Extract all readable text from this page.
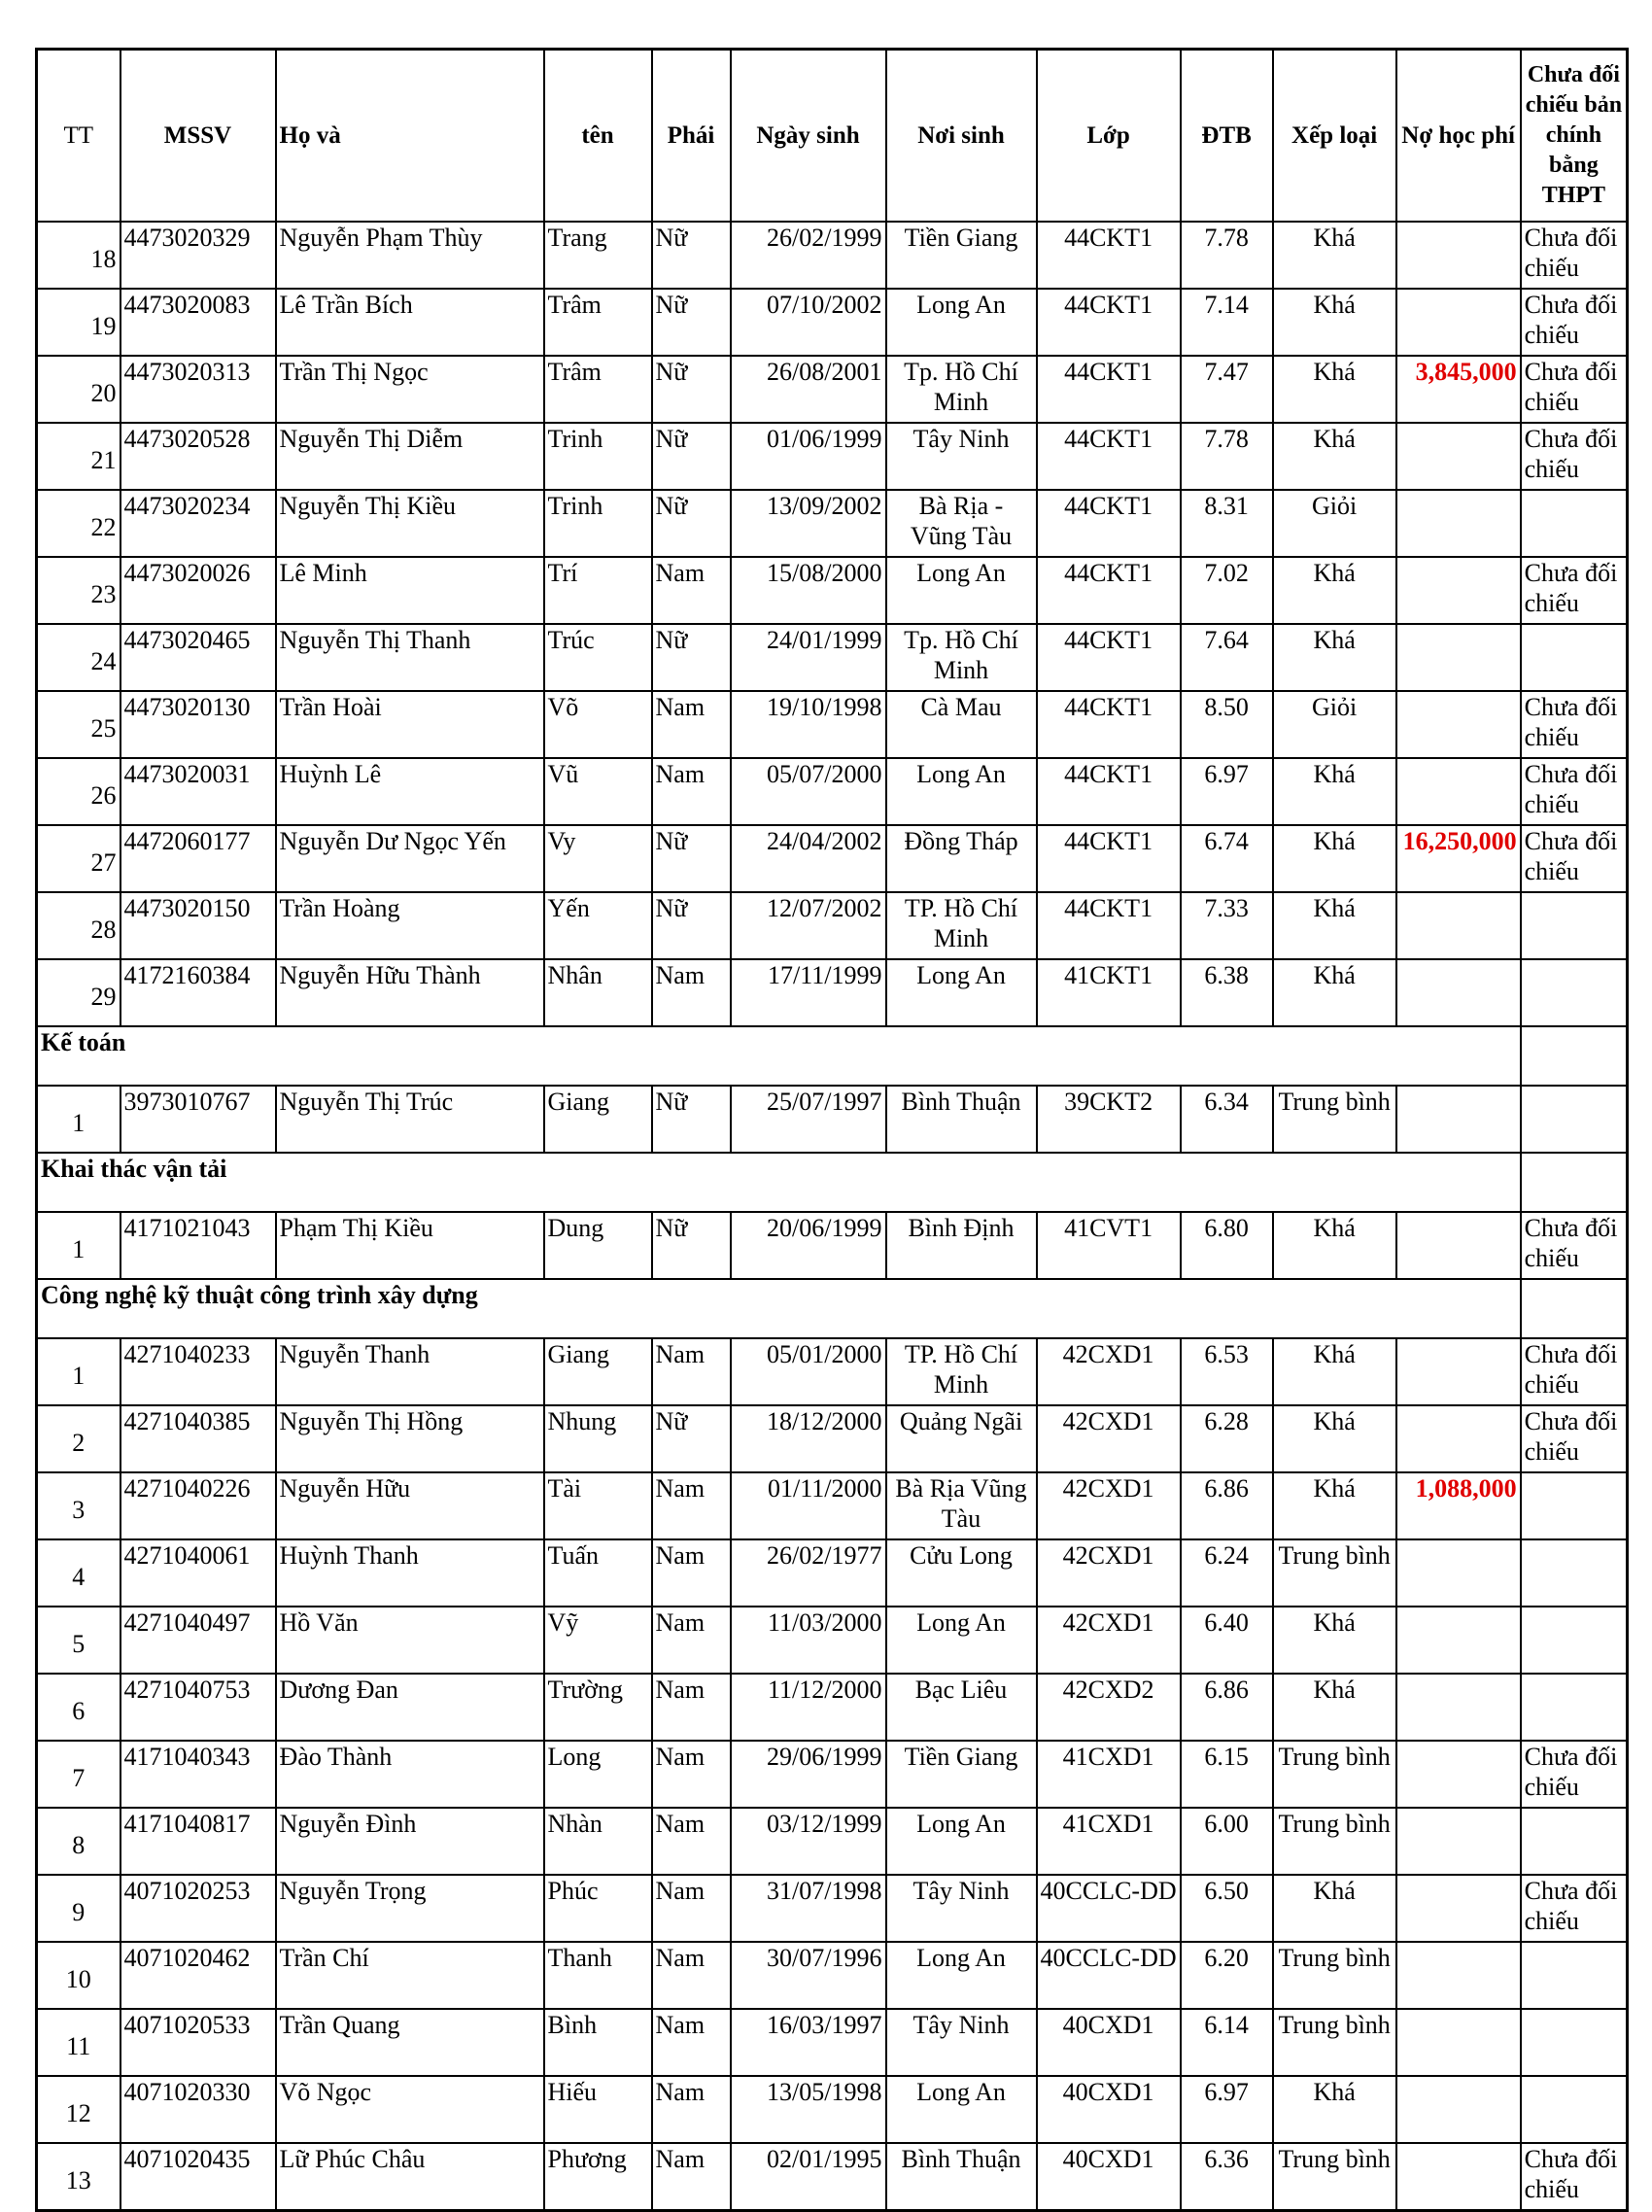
TT	MSSV	Họ và	tên	Phái	Ngày sinh	Nơi sinh	Lớp	ĐTB	Xếp loại	Nợ học phí	Chưa đối chiếu bản chính bằng THPT
18	4473020329	Nguyễn Phạm Thùy	Trang	Nữ	26/02/1999	Tiền Giang	44CKT1	7.78	Khá		Chưa đối chiếu
19	4473020083	Lê Trần Bích	Trâm	Nữ	07/10/2002	Long An	44CKT1	7.14	Khá		Chưa đối chiếu
20	4473020313	Trần Thị Ngọc	Trâm	Nữ	26/08/2001	Tp. Hồ Chí Minh	44CKT1	7.47	Khá	3,845,000	Chưa đối chiếu
21	4473020528	Nguyễn Thị Diễm	Trinh	Nữ	01/06/1999	Tây Ninh	44CKT1	7.78	Khá		Chưa đối chiếu
22	4473020234	Nguyễn Thị Kiều	Trinh	Nữ	13/09/2002	Bà Rịa - Vũng Tàu	44CKT1	8.31	Giỏi		
23	4473020026	Lê Minh	Trí	Nam	15/08/2000	Long An	44CKT1	7.02	Khá		Chưa đối chiếu
24	4473020465	Nguyễn Thị Thanh	Trúc	Nữ	24/01/1999	Tp. Hồ Chí Minh	44CKT1	7.64	Khá		
25	4473020130	Trần Hoài	Võ	Nam	19/10/1998	Cà Mau	44CKT1	8.50	Giỏi		Chưa đối chiếu
26	4473020031	Huỳnh Lê	Vũ	Nam	05/07/2000	Long An	44CKT1	6.97	Khá		Chưa đối chiếu
27	4472060177	Nguyễn Dư Ngọc Yến	Vy	Nữ	24/04/2002	Đồng Tháp	44CKT1	6.74	Khá	16,250,000	Chưa đối chiếu
28	4473020150	Trần Hoàng	Yến	Nữ	12/07/2002	TP. Hồ Chí Minh	44CKT1	7.33	Khá		
29	4172160384	Nguyễn Hữu Thành	Nhân	Nam	17/11/1999	Long An	41CKT1	6.38	Khá		
Kế toán											
1	3973010767	Nguyễn Thị Trúc	Giang	Nữ	25/07/1997	Bình Thuận	39CKT2	6.34	Trung bình		
Khai thác vận tải											
1	4171021043	Phạm Thị Kiều	Dung	Nữ	20/06/1999	Bình Định	41CVT1	6.80	Khá		Chưa đối chiếu
Công nghệ kỹ thuật công trình xây dựng											
1	4271040233	Nguyễn Thanh	Giang	Nam	05/01/2000	TP. Hồ Chí Minh	42CXD1	6.53	Khá		Chưa đối chiếu
2	4271040385	Nguyễn Thị Hồng	Nhung	Nữ	18/12/2000	Quảng Ngãi	42CXD1	6.28	Khá		Chưa đối chiếu
3	4271040226	Nguyễn Hữu	Tài	Nam	01/11/2000	Bà Rịa Vũng Tàu	42CXD1	6.86	Khá	1,088,000	
4	4271040061	Huỳnh Thanh	Tuấn	Nam	26/02/1977	Cửu Long	42CXD1	6.24	Trung bình		
5	4271040497	Hồ Văn	Vỹ	Nam	11/03/2000	Long An	42CXD1	6.40	Khá		
6	4271040753	Dương Đan	Trường	Nam	11/12/2000	Bạc Liêu	42CXD2	6.86	Khá		
7	4171040343	Đào Thành	Long	Nam	29/06/1999	Tiền Giang	41CXD1	6.15	Trung bình		Chưa đối chiếu
8	4171040817	Nguyễn Đình	Nhàn	Nam	03/12/1999	Long An	41CXD1	6.00	Trung bình		
9	4071020253	Nguyễn Trọng	Phúc	Nam	31/07/1998	Tây Ninh	40CCLC-DD	6.50	Khá		Chưa đối chiếu
10	4071020462	Trần Chí	Thanh	Nam	30/07/1996	Long An	40CCLC-DD	6.20	Trung bình		
11	4071020533	Trần Quang	Bình	Nam	16/03/1997	Tây Ninh	40CXD1	6.14	Trung bình		
12	4071020330	Võ Ngọc	Hiếu	Nam	13/05/1998	Long An	40CXD1	6.97	Khá		
13	4071020435	Lữ Phúc Châu	Phương	Nam	02/01/1995	Bình Thuận	40CXD1	6.36	Trung bình		Chưa đối chiếu
